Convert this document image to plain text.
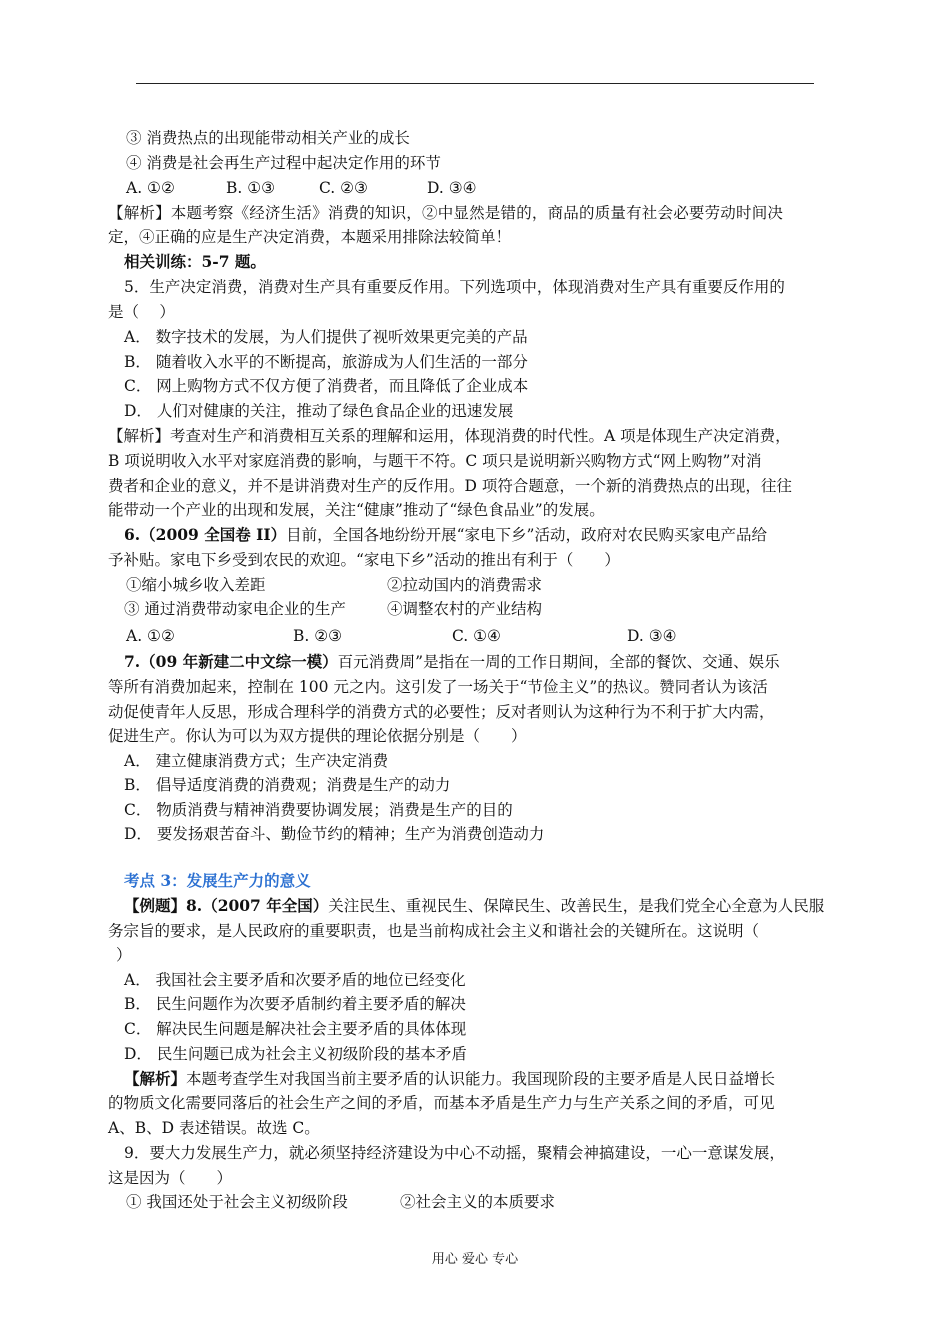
③ 消费热点的出现能带动相关产业的成长
④ 消费是社会再生产过程中起决定作用的环节
A. ①②	B. ①③	C. ②③	D. ③④
【解析】本题考察《经济生活》消费的知识，②中显然是错的，商品的质量有社会必要劳动时间决
定，④正确的应是生产决定消费，本题采用排除法较简单！
相关训练：5-7 题。
5．生产决定消费，消费对生产具有重要反作用。下列选项中，体现消费对生产具有重要反作用的
是（　 ）
A． 数字技术的发展，为人们提供了视听效果更完美的产品
B． 随着收入水平的不断提高，旅游成为人们生活的一部分
C． 网上购物方式不仅方便了消费者，而且降低了企业成本
D． 人们对健康的关注，推动了绿色食品企业的迅速发展
【解析】考查对生产和消费相互关系的理解和运用，体现消费的时代性。A 项是体现生产决定消费，
B 项说明收入水平对家庭消费的影响，与题干不符。C 项只是说明新兴购物方式“网上购物”对消
费者和企业的意义，并不是讲消费对生产的反作用。D 项符合题意，一个新的消费热点的出现，往往
能带动一个产业的出现和发展，关注“健康”推动了“绿色食品业”的发展。
6.（2009 全国卷 II）目前，全国各地纷纷开展“家电下乡”活动，政府对农民购买家电产品给
予补贴。家电下乡受到农民的欢迎。“家电下乡”活动的推出有利于（　　）
①缩小城乡收入差距	②拉动国内的消费需求
③ 通过消费带动家电企业的生产	④调整农村的产业结构
A. ①②	B. ②③	C. ①④	D. ③④
7.（09 年新建二中文综一模）百元消费周”是指在一周的工作日期间，全部的餐饮、交通、娱乐
等所有消费加起来，控制在 100 元之内。这引发了一场关于“节俭主义”的热议。赞同者认为该活
动促使青年人反思，形成合理科学的消费方式的必要性；反对者则认为这种行为不利于扩大内需，
促进生产。你认为可以为双方提供的理论依据分别是（　　）
A． 建立健康消费方式；生产决定消费
B． 倡导适度消费的消费观；消费是生产的动力
C． 物质消费与精神消费要协调发展；消费是生产的目的
D． 要发扬艰苦奋斗、勤俭节约的精神；生产为消费创造动力
考点 3：发展生产力的意义
【例题】8.（2007 年全国）关注民生、重视民生、保障民生、改善民生，是我们党全心全意为人民服
务宗旨的要求，是人民政府的重要职责，也是当前构成社会主义和谐社会的关键所在。这说明（
）
A． 我国社会主要矛盾和次要矛盾的地位已经变化
B． 民生问题作为次要矛盾制约着主要矛盾的解决
C． 解决民生问题是解决社会主要矛盾的具体体现
D． 民生问题已成为社会主义初级阶段的基本矛盾
【解析】本题考查学生对我国当前主要矛盾的认识能力。我国现阶段的主要矛盾是人民日益增长
的物质文化需要同落后的社会生产之间的矛盾，而基本矛盾是生产力与生产关系之间的矛盾，可见
A、B、D 表述错误。故选 C。
9．要大力发展生产力，就必须坚持经济建设为中心不动摇，聚精会神搞建设，一心一意谋发展，
这是因为（　　）
① 我国还处于社会主义初级阶段	②社会主义的本质要求
用心 爱心 专心
